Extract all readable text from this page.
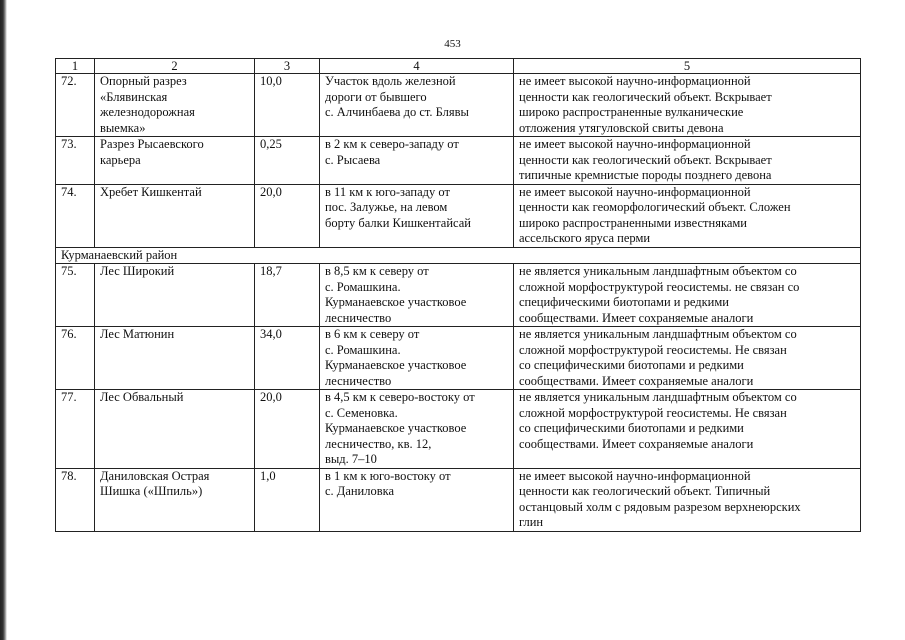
453
1	2	3	4	5
72.	Опорный разрез
«Блявинская
железнодорожная
выемка»	10,0	Участок вдоль железной
дороги от бывшего
с. Алчинбаева до ст. Блявы	не имеет высокой научно-информационной
ценности как геологический объект. Вскрывает
широко распространенные вулканические
отложения утягуловской свиты девона

73.	Разрез Рысаевского
карьера	0,25	в 2 км к северо-западу от
с. Рысаева	не имеет высокой научно-информационной
ценности как геологический объект. Вскрывает
типичные кремнистые породы позднего девона

74.	Хребет Кишкентай	20,0	в 11 км к юго-западу от
пос. Залужье, на левом
борту балки Кишкентайсай	не имеет высокой научно-информационной
ценности как геоморфологический объект. Сложен
широко распространенными известняками
ассельского яруса перми

Курманаевский район				
75.	Лес Широкий	18,7	в 8,5 км к северу от
с. Ромашкина.
Курманаевское участковое
лесничество	не является уникальным ландшафтным объектом со
сложной морфоструктурой геосистемы. не связан со
специфическими биотопами и редкими
сообществами. Имеет сохраняемые аналоги

76.	Лес Матюнин	34,0	в 6 км к северу от
с. Ромашкина.
Курманаевское участковое
лесничество	не является уникальным ландшафтным объектом со
сложной морфоструктурой геосистемы. Не связан
со специфическими биотопами и редкими
сообществами. Имеет сохраняемые аналоги

77.	Лес Обвальный	20,0	в 4,5 км к северо-востоку от
с. Семеновка.
Курманаевское участковое
лесничество, кв. 12,
выд. 7–10	не является уникальным ландшафтным объектом со
сложной морфоструктурой геосистемы. Не связан
со специфическими биотопами и редкими
сообществами. Имеет сохраняемые аналоги

78.	Даниловская Острая
Шишка («Шпиль»)	1,0	в 1 км к юго-востоку от
с. Даниловка	не имеет высокой научно-информационной
ценности как геологический объект. Типичный
останцовый холм с рядовым разрезом верхнеюрских
глин
